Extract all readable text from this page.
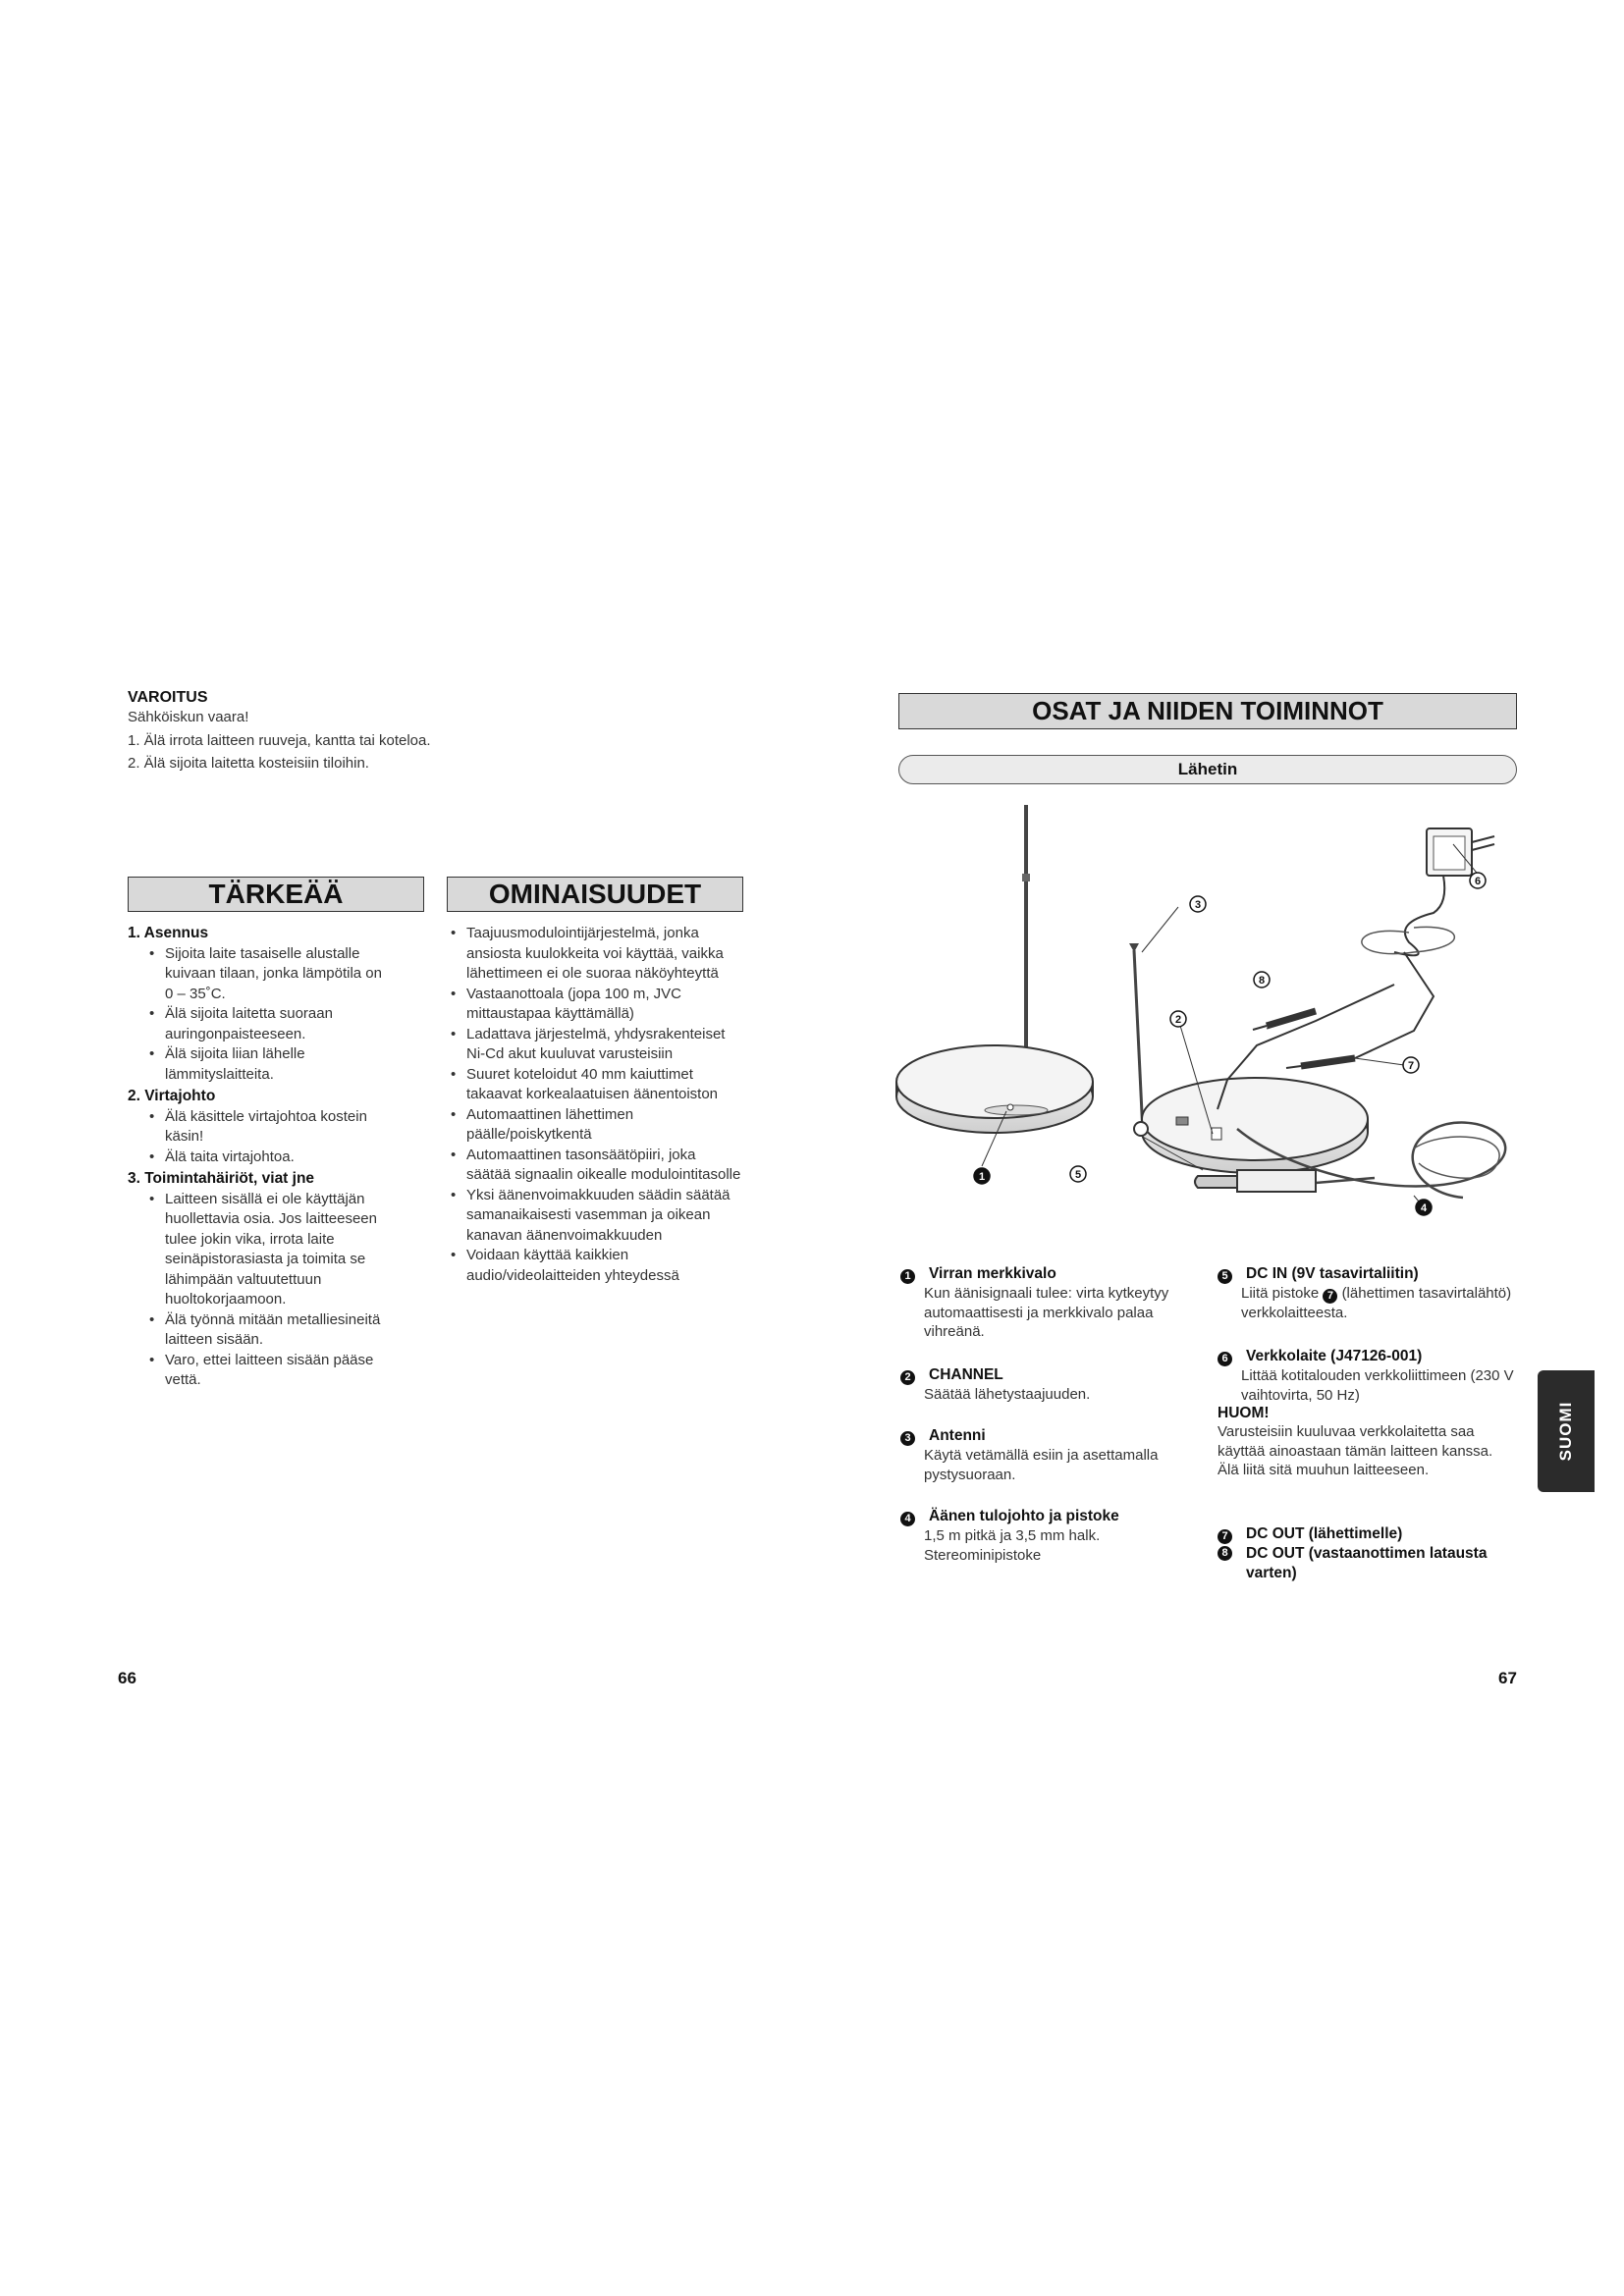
VAROITUS
Sähköiskun vaara!
1. Älä irrota laitteen ruuveja, kantta tai koteloa.
2. Älä sijoita laitetta kosteisiin tiloihin.
TÄRKEÄÄ	OMINAISUUDET
1. Asennus
• Sijoita laite tasaiselle alustalle kuivaan tilaan, jonka lämpötila on 0 – 35˚C.
• Älä sijoita laitetta suoraan auringonpaisteeseen.
• Älä sijoita liian lähelle lämmityslaitteita.
2. Virtajohto
• Älä käsittele virtajohtoa kostein käsin!
• Älä taita virtajohtoa.
3. Toimintahäiriöt, viat jne
• Laitteen sisällä ei ole käyttäjän huollettavia osia. Jos laitteeseen tulee jokin vika, irrota laite seinäpistorasiasta ja toimita se lähimpään valtuutettuun huoltokorjaamoon.
• Älä työnnä mitään metalliesineitä laitteen sisään.
• Varo, ettei laitteen sisään pääse vettä.
• Taajuusmodulointijärjestelmä, jonka ansiosta kuulokkeita voi käyttää, vaikka lähettimeen ei ole suoraa näköyhteyttä
• Vastaanottoala (jopa 100 m, JVC mittaustapaa käyttämällä)
• Ladattava järjestelmä, yhdysrakenteiset Ni-Cd akut kuuluvat varusteisiin
• Suuret koteloidut 40 mm kaiuttimet takaavat korkealaatuisen äänentoiston
• Automaattinen lähettimen päälle/poiskytkentä
• Automaattinen tasonsäätöpiiri, joka säätää signaalin oikealle modulointitasolle
• Yksi äänenvoimakkuuden säädin säätää samanaikaisesti vasemman ja oikean kanavan äänenvoimakkuuden
• Voidaan käyttää kaikkien audio/videolaitteiden yhteydessä
66
OSAT JA NIIDEN TOIMINNOT
Lähetin
1
2
3
4
5
6
7
8
1 Virran merkkivalo
Kun äänisignaali tulee: virta kytkeytyy automaattisesti ja merkkivalo palaa vihreänä.
2 CHANNEL
Säätää lähetystaajuuden.
3 Antenni
Käytä vetämällä esiin ja asettamalla pystysuoraan.
4 Äänen tulojohto ja pistoke
1,5 m pitkä ja 3,5 mm halk. Stereominipistoke
5 DC IN (9V tasavirtaliitin)
Liitä pistoke 7 (lähettimen tasavirtalähtö) verkkolaitteesta.
6 Verkkolaite (J47126-001)
Littää kotitalouden verkkoliittimeen (230 V vaihtovirta, 50 Hz)
HUOM!
Varusteisiin kuuluvaa verkkolaitetta saa käyttää ainoastaan tämän laitteen kanssa. Älä liitä sitä muuhun laitteeseen.
7 DC OUT (lähettimelle)
8 DC OUT (vastaanottimen latausta varten)
SUOMI
67
